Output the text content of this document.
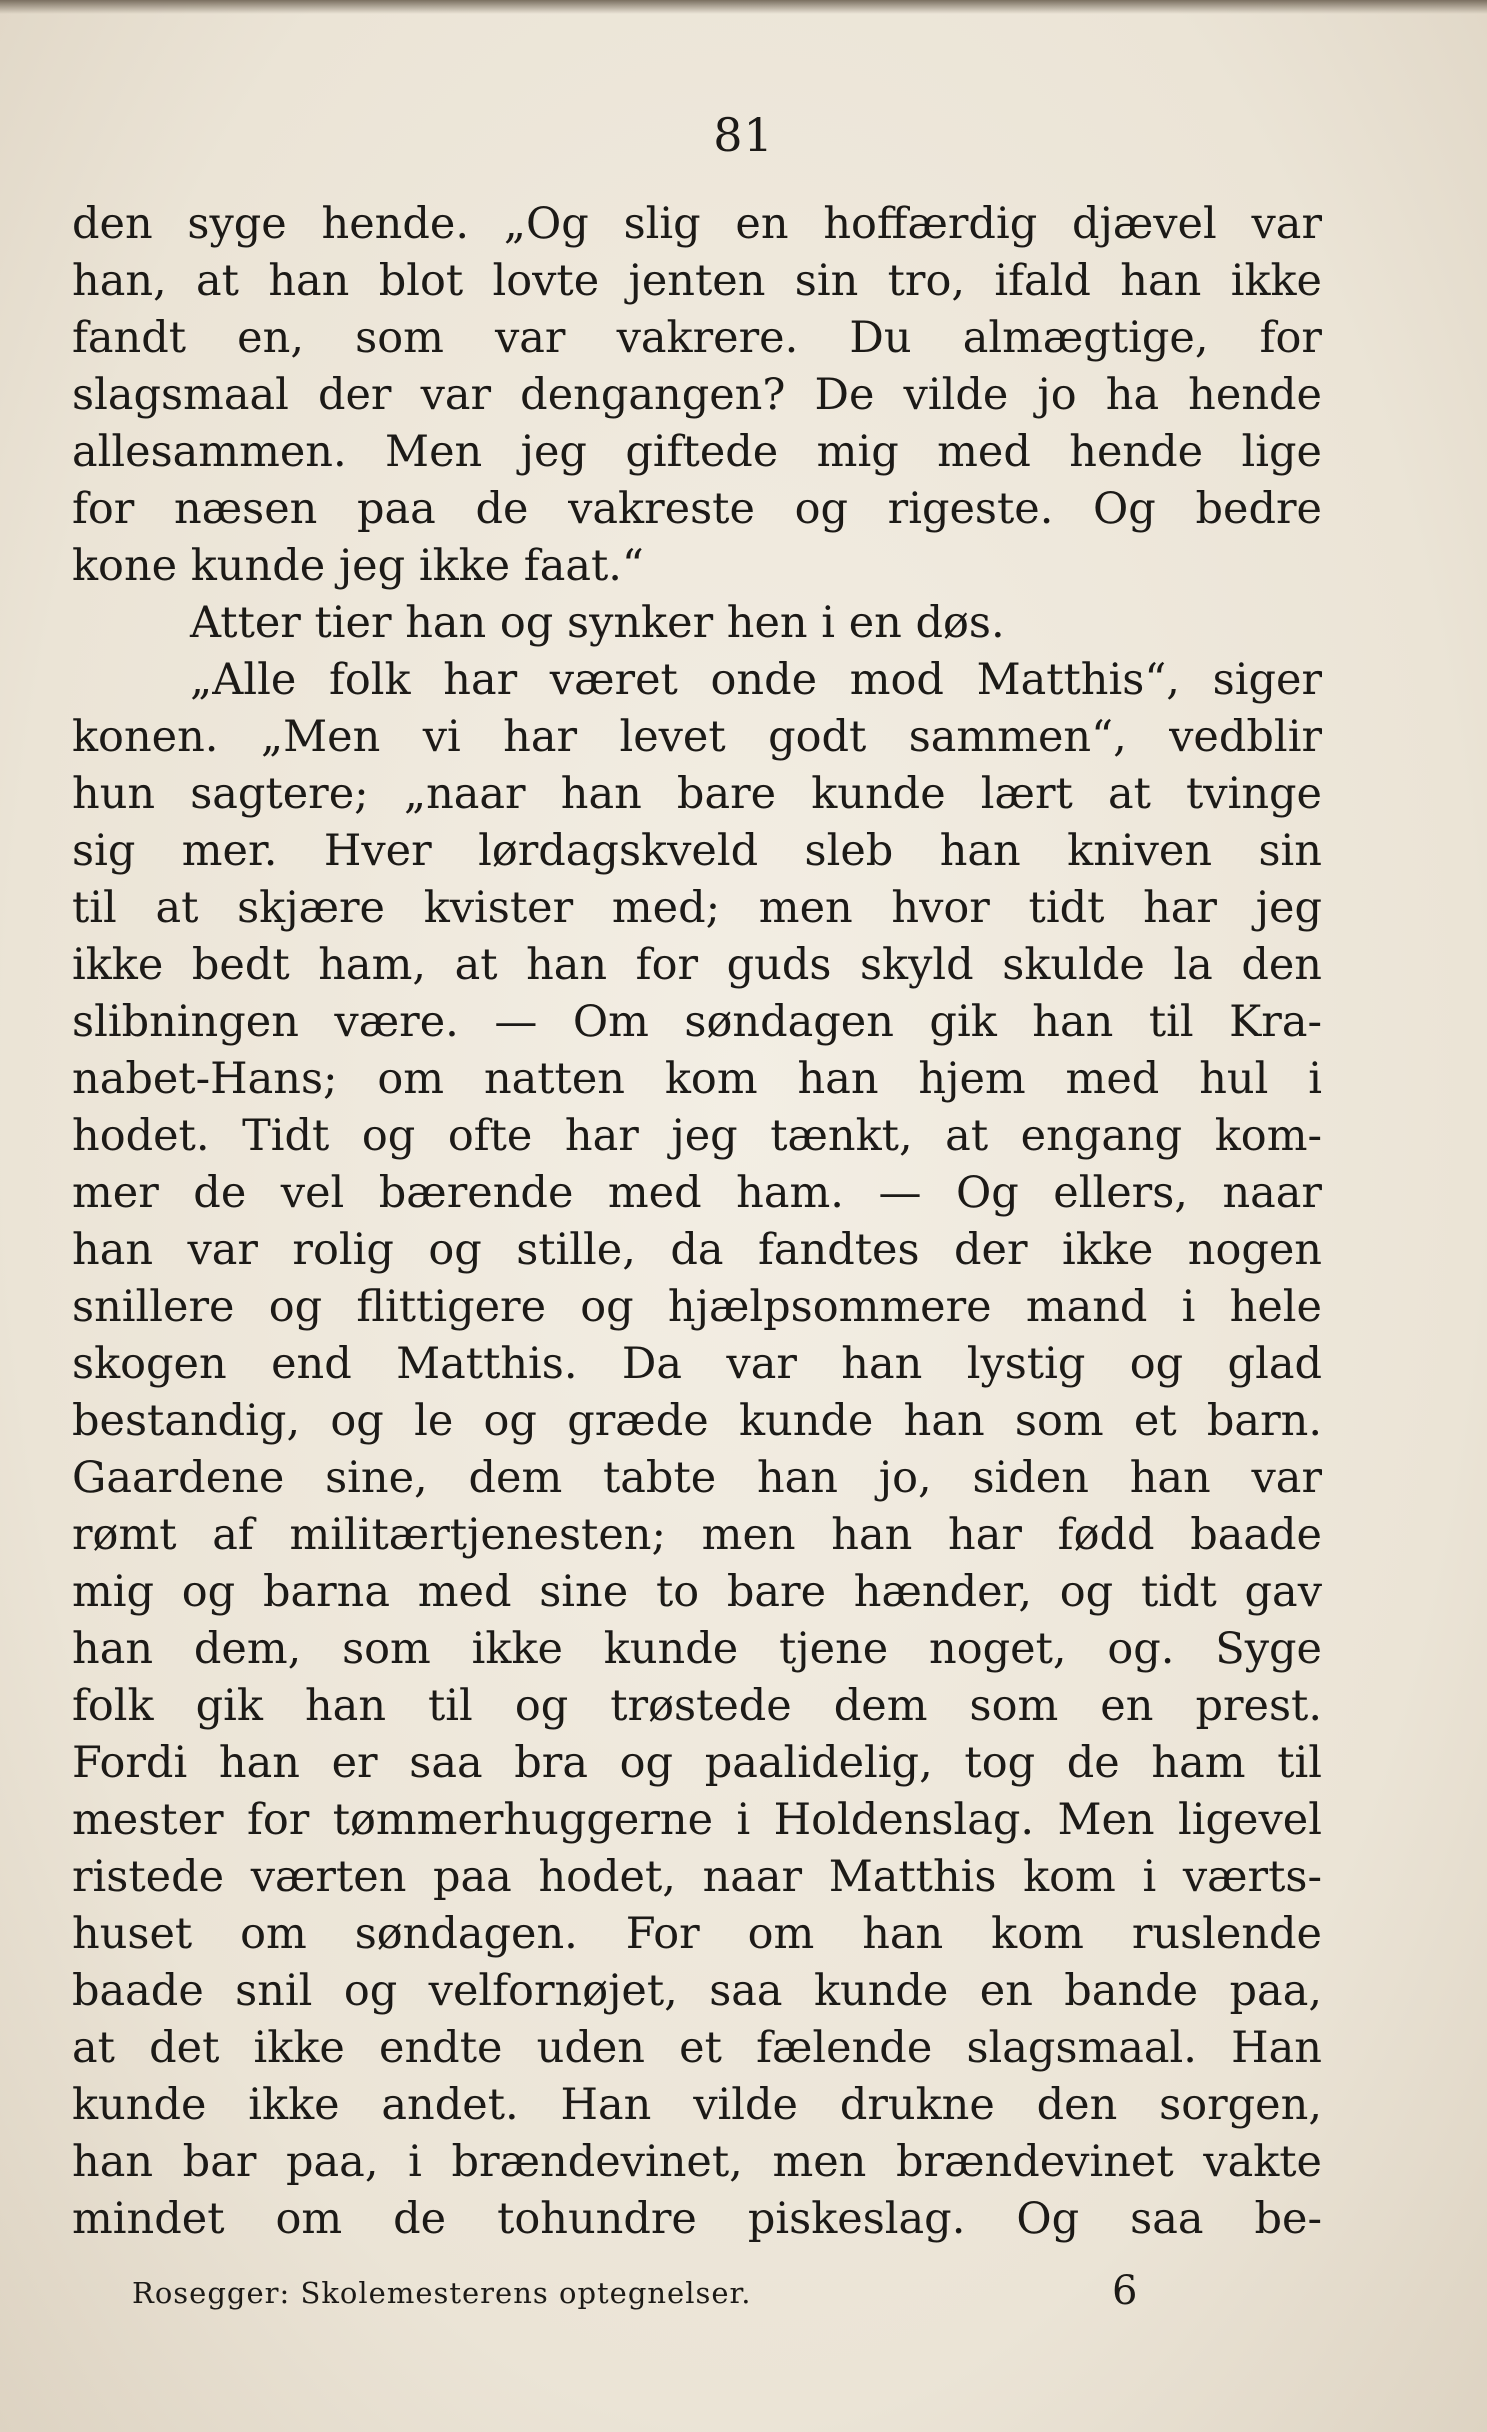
81
den syge hende. „Og slig en hoffærdig djævel var
han, at han blot lovte jenten sin tro, ifald han ikke
fandt en, som var vakrere. Du almægtige, for
slagsmaal der var dengangen? De vilde jo ha hende
allesammen. Men jeg giftede mig med hende lige
for næsen paa de vakreste og rigeste. Og bedre
kone kunde jeg ikke faat.“
Atter tier han og synker hen i en døs.
„Alle folk har været onde mod Matthis“, siger
konen. „Men vi har levet godt sammen“, vedblir
hun sagtere; „naar han bare kunde lært at tvinge
sig mer. Hver lørdagskveld sleb han kniven sin
til at skjære kvister med; men hvor tidt har jeg
ikke bedt ham, at han for guds skyld skulde la den
slibningen være. — Om søndagen gik han til Kra-
nabet-Hans; om natten kom han hjem med hul i
hodet. Tidt og ofte har jeg tænkt, at engang kom-
mer de vel bærende med ham. — Og ellers, naar
han var rolig og stille, da fandtes der ikke nogen
snillere og flittigere og hjælpsommere mand i hele
skogen end Matthis. Da var han lystig og glad
bestandig, og le og græde kunde han som et barn.
Gaardene sine, dem tabte han jo, siden han var
rømt af militærtjenesten; men han har fødd baade
mig og barna med sine to bare hænder, og tidt gav
han dem, som ikke kunde tjene noget, og. Syge
folk gik han til og trøstede dem som en prest.
Fordi han er saa bra og paalidelig, tog de ham til
mester for tømmerhuggerne i Holdenslag. Men ligevel
ristede værten paa hodet, naar Matthis kom i værts-
huset om søndagen. For om han kom ruslende
baade snil og velfornøjet, saa kunde en bande paa,
at det ikke endte uden et fælende slagsmaal. Han
kunde ikke andet. Han vilde drukne den sorgen,
han bar paa, i brændevinet, men brændevinet vakte
mindet om de tohundre piskeslag. Og saa be-
Rosegger: Skolemesterens optegnelser.	6
